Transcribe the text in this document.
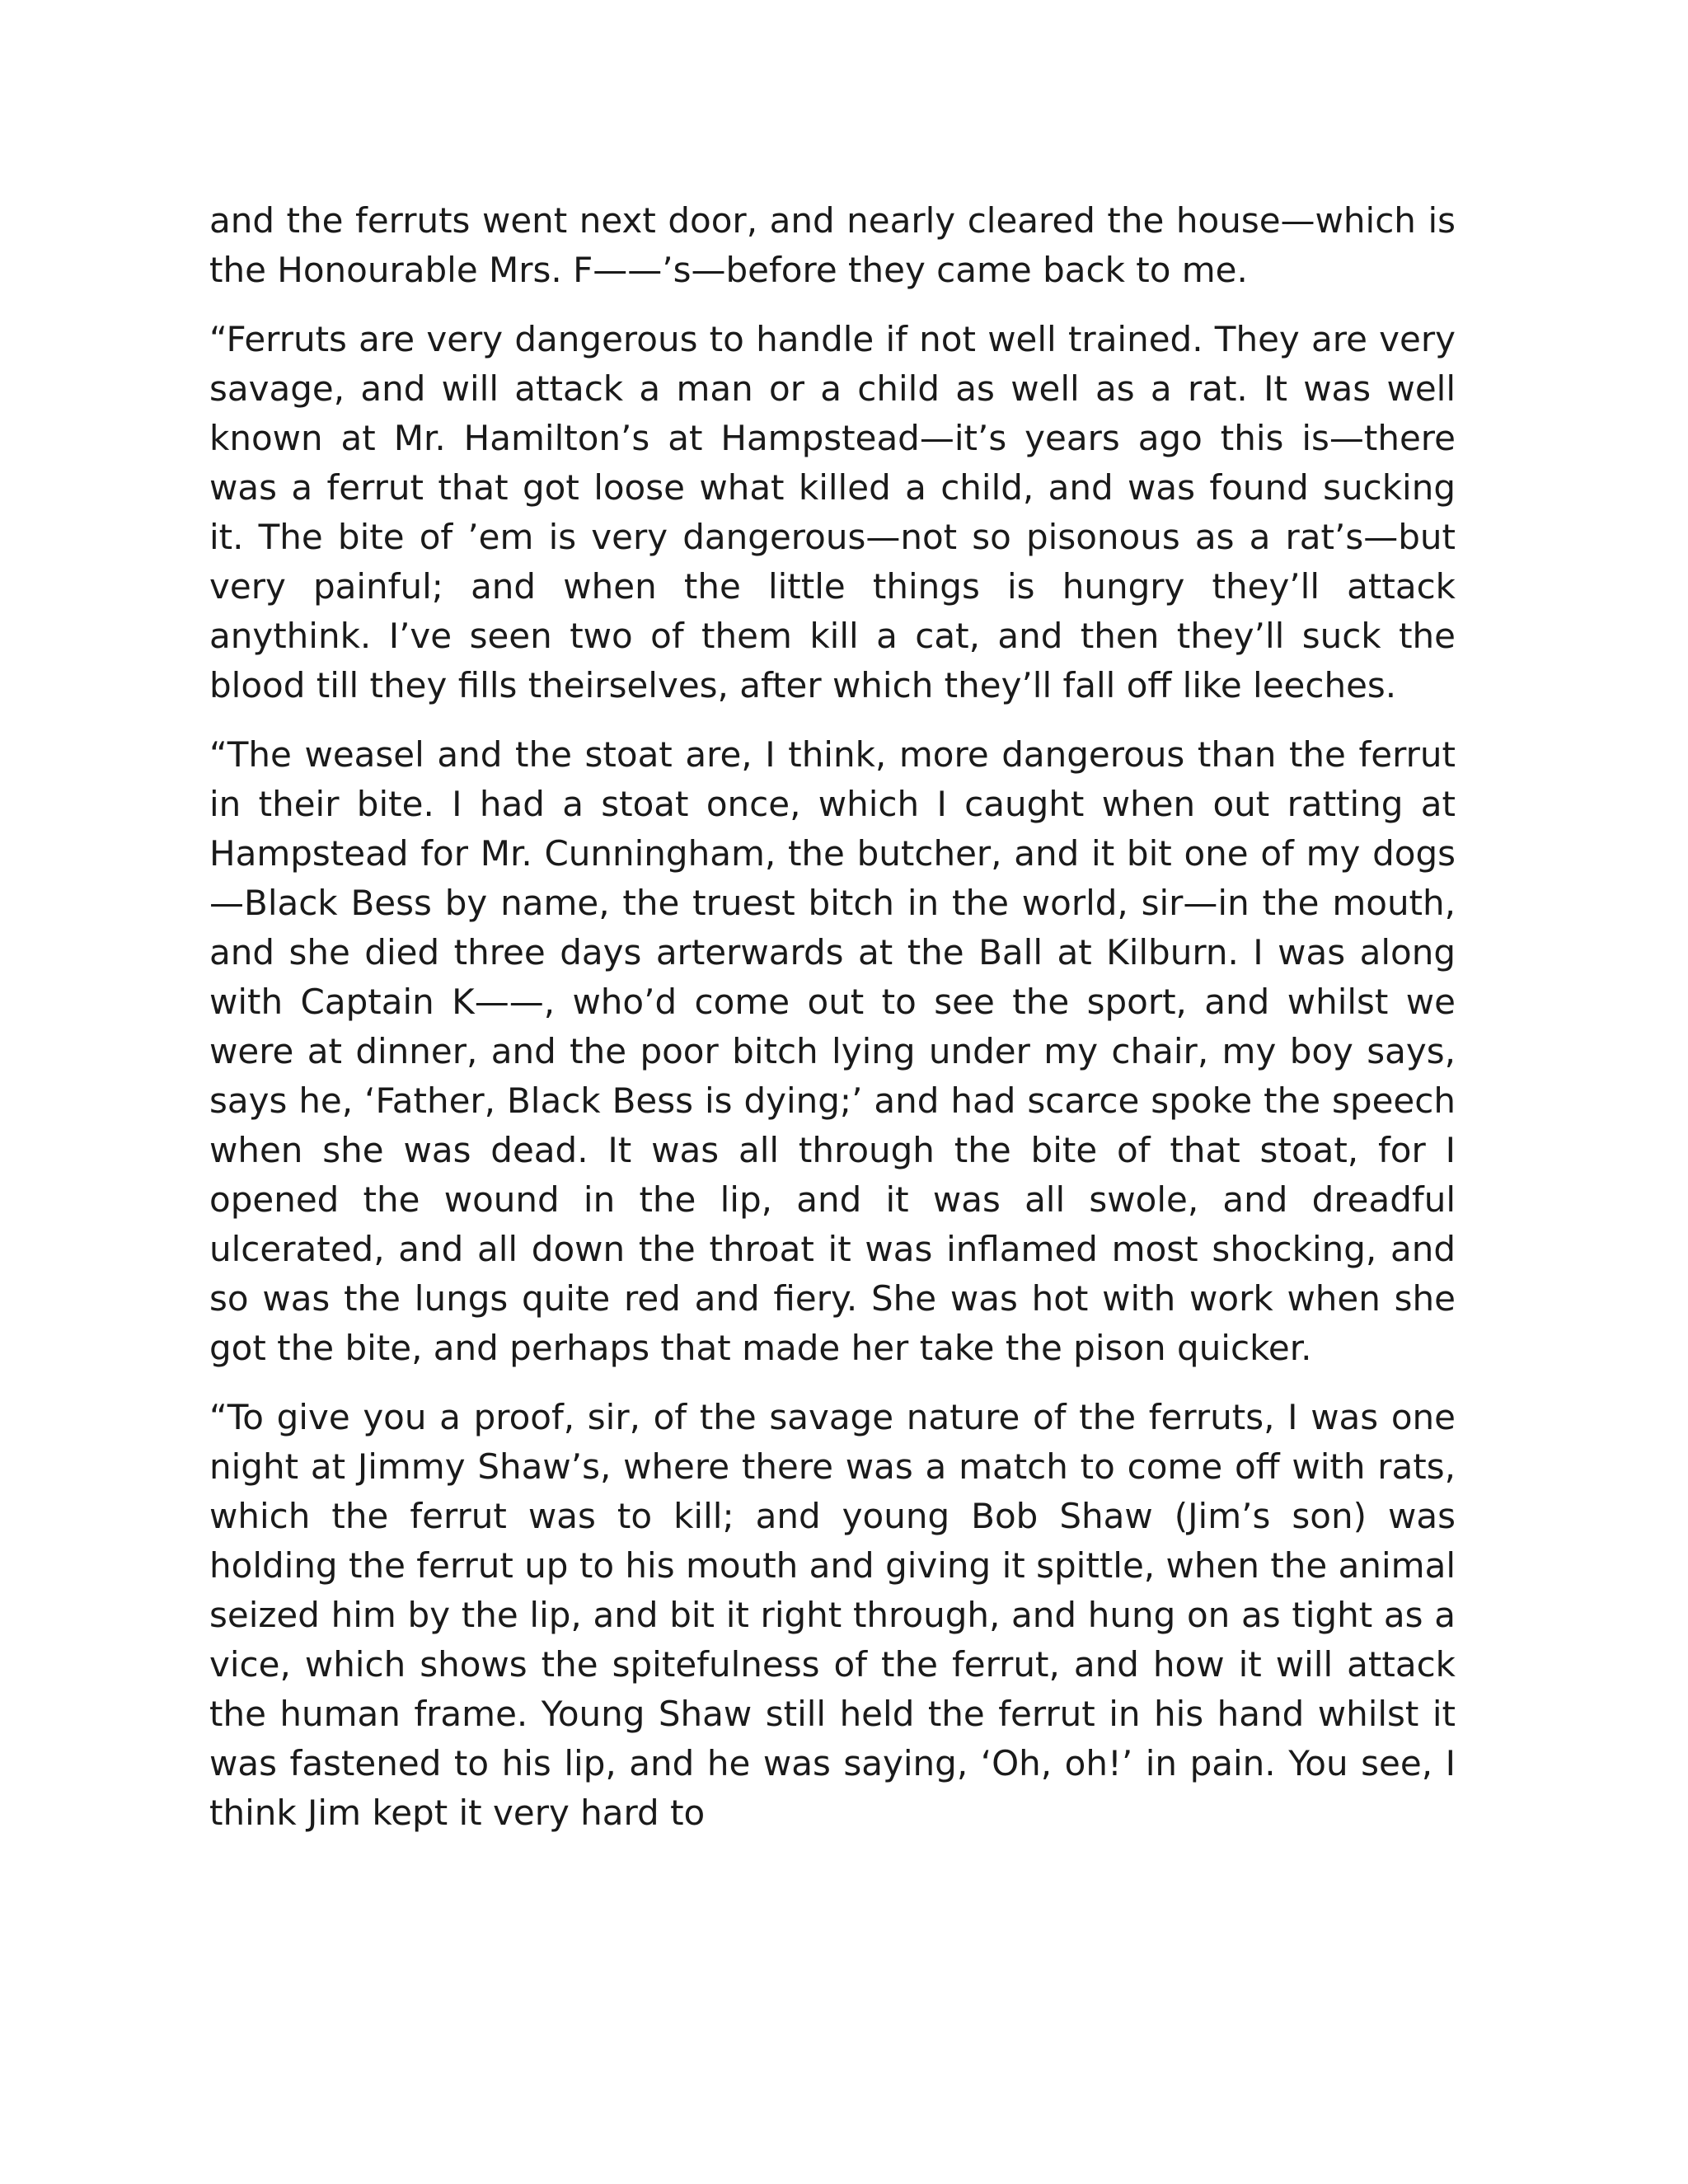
and the ferruts went next door, and nearly cleared the house—which is the Honourable Mrs. F——’s—before they came back to me.

“Ferruts are very dangerous to handle if not well trained. They are very savage, and will attack a man or a child as well as a rat. It was well known at Mr. Hamilton’s at Hampstead—it’s years ago this is—there was a ferrut that got loose what killed a child, and was found sucking it. The bite of ’em is very dangerous—not so pisonous as a rat’s—but very painful; and when the little things is hungry they’ll attack anythink. I’ve seen two of them kill a cat, and then they’ll suck the blood till they fills theirselves, after which they’ll fall off like leeches.

“The weasel and the stoat are, I think, more dangerous than the ferrut in their bite. I had a stoat once, which I caught when out ratting at Hampstead for Mr. Cunningham, the butcher, and it bit one of my dogs—Black Bess by name, the truest bitch in the world, sir—in the mouth, and she died three days arterwards at the Ball at Kilburn. I was along with Captain K——, who’d come out to see the sport, and whilst we were at dinner, and the poor bitch lying under my chair, my boy says, says he, ‘Father, Black Bess is dying;’ and had scarce spoke the speech when she was dead. It was all through the bite of that stoat, for I opened the wound in the lip, and it was all swole, and dreadful ulcerated, and all down the throat it was inflamed most shocking, and so was the lungs quite red and fiery. She was hot with work when she got the bite, and perhaps that made her take the pison quicker.

“To give you a proof, sir, of the savage nature of the ferruts, I was one night at Jimmy Shaw’s, where there was a match to come off with rats, which the ferrut was to kill; and young Bob Shaw (Jim’s son) was holding the ferrut up to his mouth and giving it spittle, when the animal seized him by the lip, and bit it right through, and hung on as tight as a vice, which shows the spitefulness of the ferrut, and how it will attack the human frame. Young Shaw still held the ferrut in his hand whilst it was fastened to his lip, and he was saying, ‘Oh, oh!’ in pain. You see, I think Jim kept it very hard to
